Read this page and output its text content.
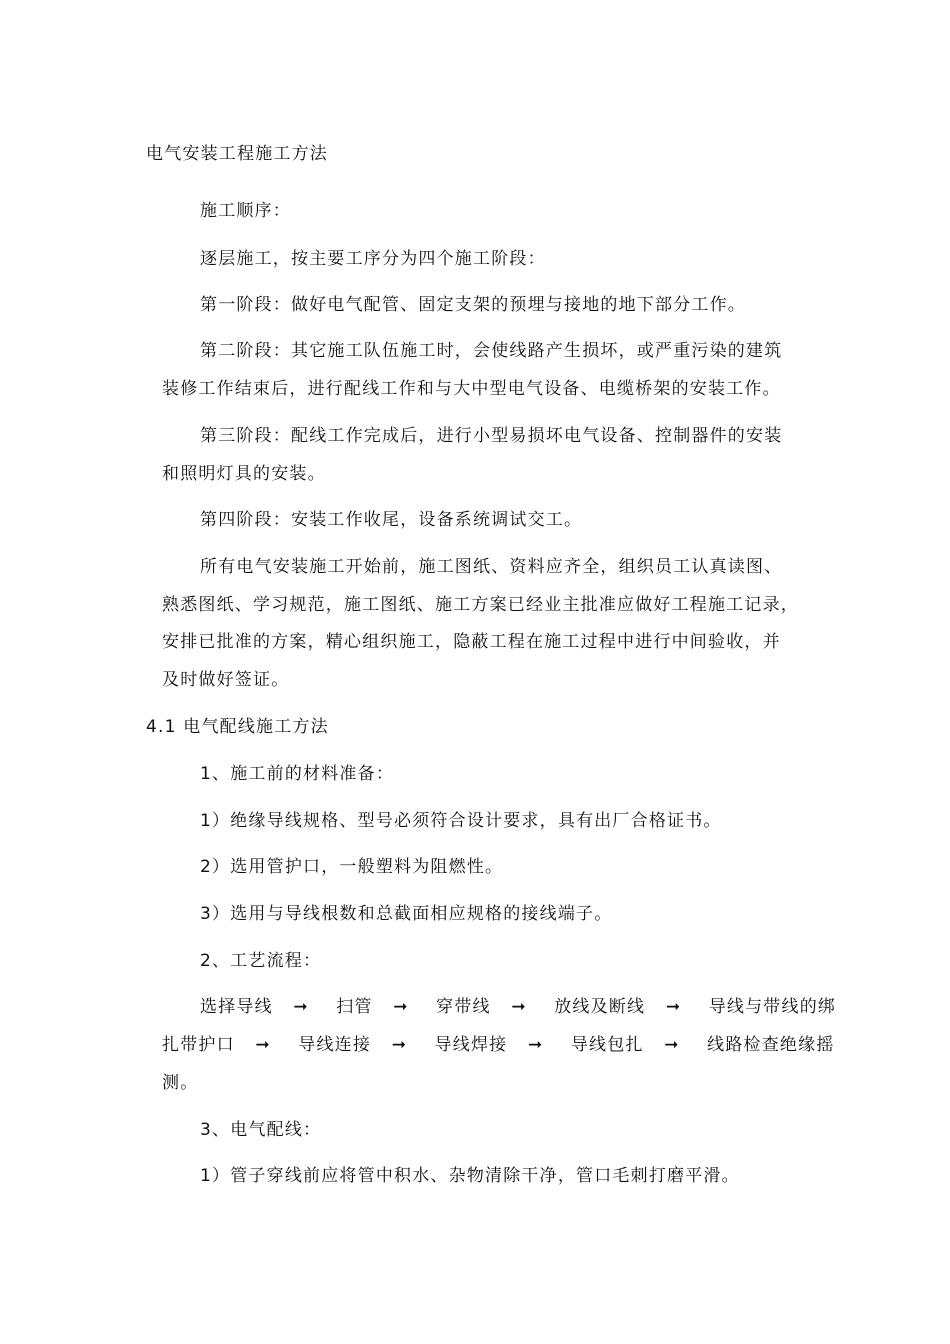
电气安装工程施工方法
施工顺序：
逐层施工，按主要工序分为四个施工阶段：
第一阶段：做好电气配管、固定支架的预埋与接地的地下部分工作。
第二阶段：其它施工队伍施工时，会使线路产生损坏，或严重污染的建筑
装修工作结束后，进行配线工作和与大中型电气设备、电缆桥架的安装工作。
第三阶段：配线工作完成后，进行小型易损坏电气设备、控制器件的安装
和照明灯具的安装。
第四阶段：安装工作收尾，设备系统调试交工。
所有电气安装施工开始前，施工图纸、资料应齐全，组织员工认真读图、
熟悉图纸、学习规范，施工图纸、施工方案已经业主批准应做好工程施工记录，
安排已批准的方案，精心组织施工，隐蔽工程在施工过程中进行中间验收，并
及时做好签证。
4.1 电气配线施工方法
1、施工前的材料准备：
1）绝缘导线规格、型号必须符合设计要求，具有出厂合格证书。
2）选用管护口，一般塑料为阻燃性。
3）选用与导线根数和总截面相应规格的接线端子。
2、工艺流程：
选择导线 ➞ 扫管 ➞ 穿带线 ➞ 放线及断线 ➞ 导线与带线的绑
扎带护口 ➞ 导线连接 ➞ 导线焊接 ➞ 导线包扎 ➞ 线路检查绝缘摇
测。
3、电气配线：
1）管子穿线前应将管中积水、杂物清除干净，管口毛刺打磨平滑。
